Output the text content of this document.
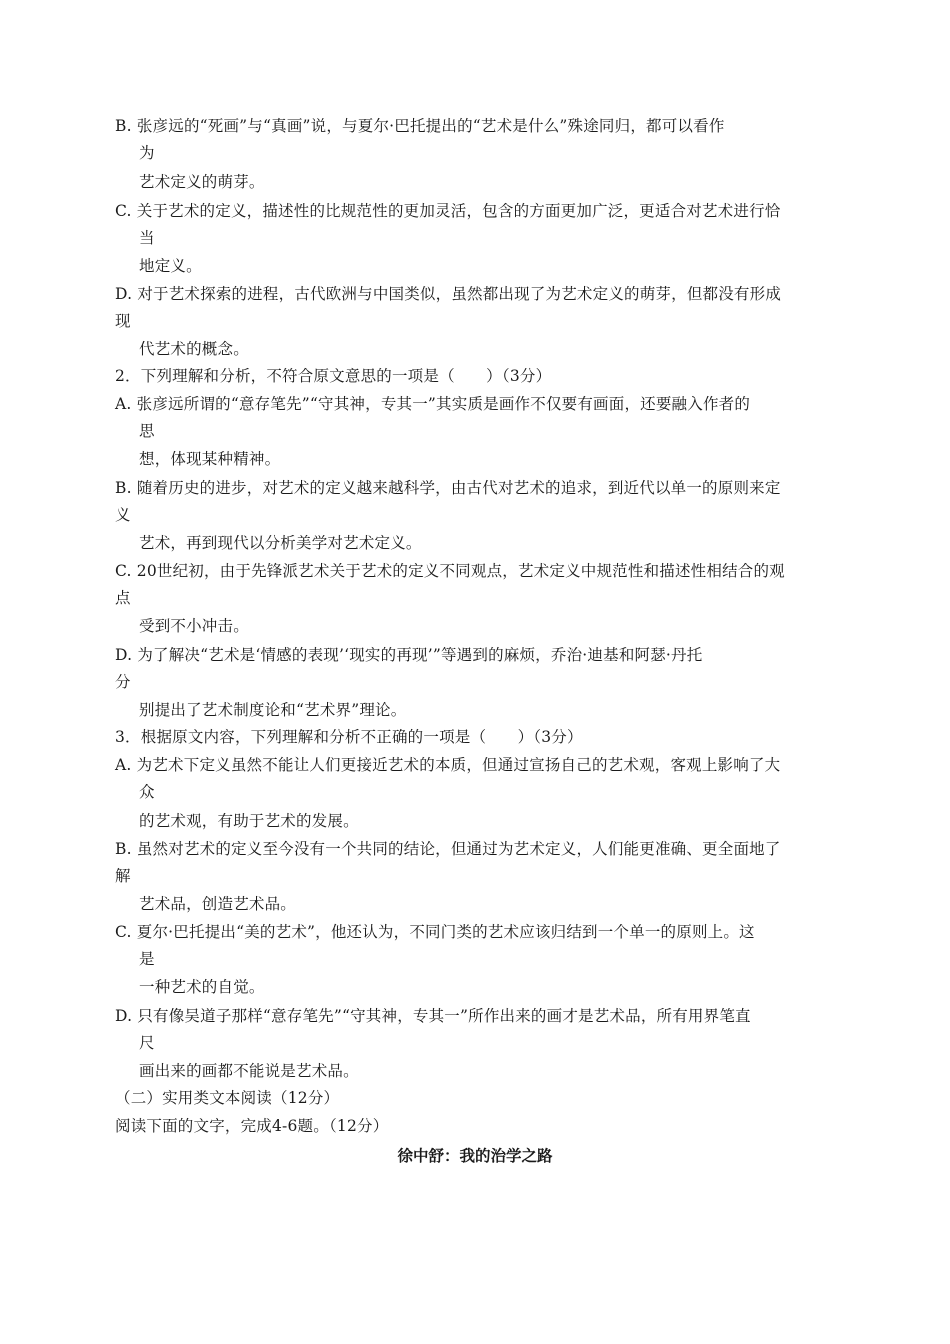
B. 张彦远的“死画”与“真画”说，与夏尔·巴托提出的“艺术是什么”殊途同归，都可以看作
为
艺术定义的萌芽。
C. 关于艺术的定义，描述性的比规范性的更加灵活，包含的方面更加广泛，更适合对艺术进行恰
当
地定义。
D. 对于艺术探索的进程，古代欧洲与中国类似，虽然都出现了为艺术定义的萌芽，但都没有形成
现
代艺术的概念。
2．下列理解和分析，不符合原文意思的一项是（　　）（3分）
A. 张彦远所谓的“意存笔先”“守其神，专其一”其实质是画作不仅要有画面，还要融入作者的
思
想，体现某种精神。
B. 随着历史的进步，对艺术的定义越来越科学，由古代对艺术的追求，到近代以单一的原则来定
义
艺术，再到现代以分析美学对艺术定义。
C. 20世纪初，由于先锋派艺术关于艺术的定义不同观点，艺术定义中规范性和描述性相结合的观
点
受到不小冲击。
D. 为了解决“艺术是‘情感的表现’‘现实的再现’”等遇到的麻烦，乔治·迪基和阿瑟·丹托
分
别提出了艺术制度论和“艺术界”理论。
3．根据原文内容，下列理解和分析不正确的一项是（　　）（3分）
A. 为艺术下定义虽然不能让人们更接近艺术的本质，但通过宣扬自己的艺术观，客观上影响了大
众
的艺术观，有助于艺术的发展。
B. 虽然对艺术的定义至今没有一个共同的结论，但通过为艺术定义，人们能更准确、更全面地了
解
艺术品，创造艺术品。
C. 夏尔·巴托提出“美的艺术”，他还认为，不同门类的艺术应该归结到一个单一的原则上。这
是
一种艺术的自觉。
D. 只有像吴道子那样“意存笔先”“守其神，专其一”所作出来的画才是艺术品，所有用界笔直
尺
画出来的画都不能说是艺术品。
（二）实用类文本阅读（12分）
阅读下面的文字，完成4-6题。（12分）
徐中舒：我的治学之路
